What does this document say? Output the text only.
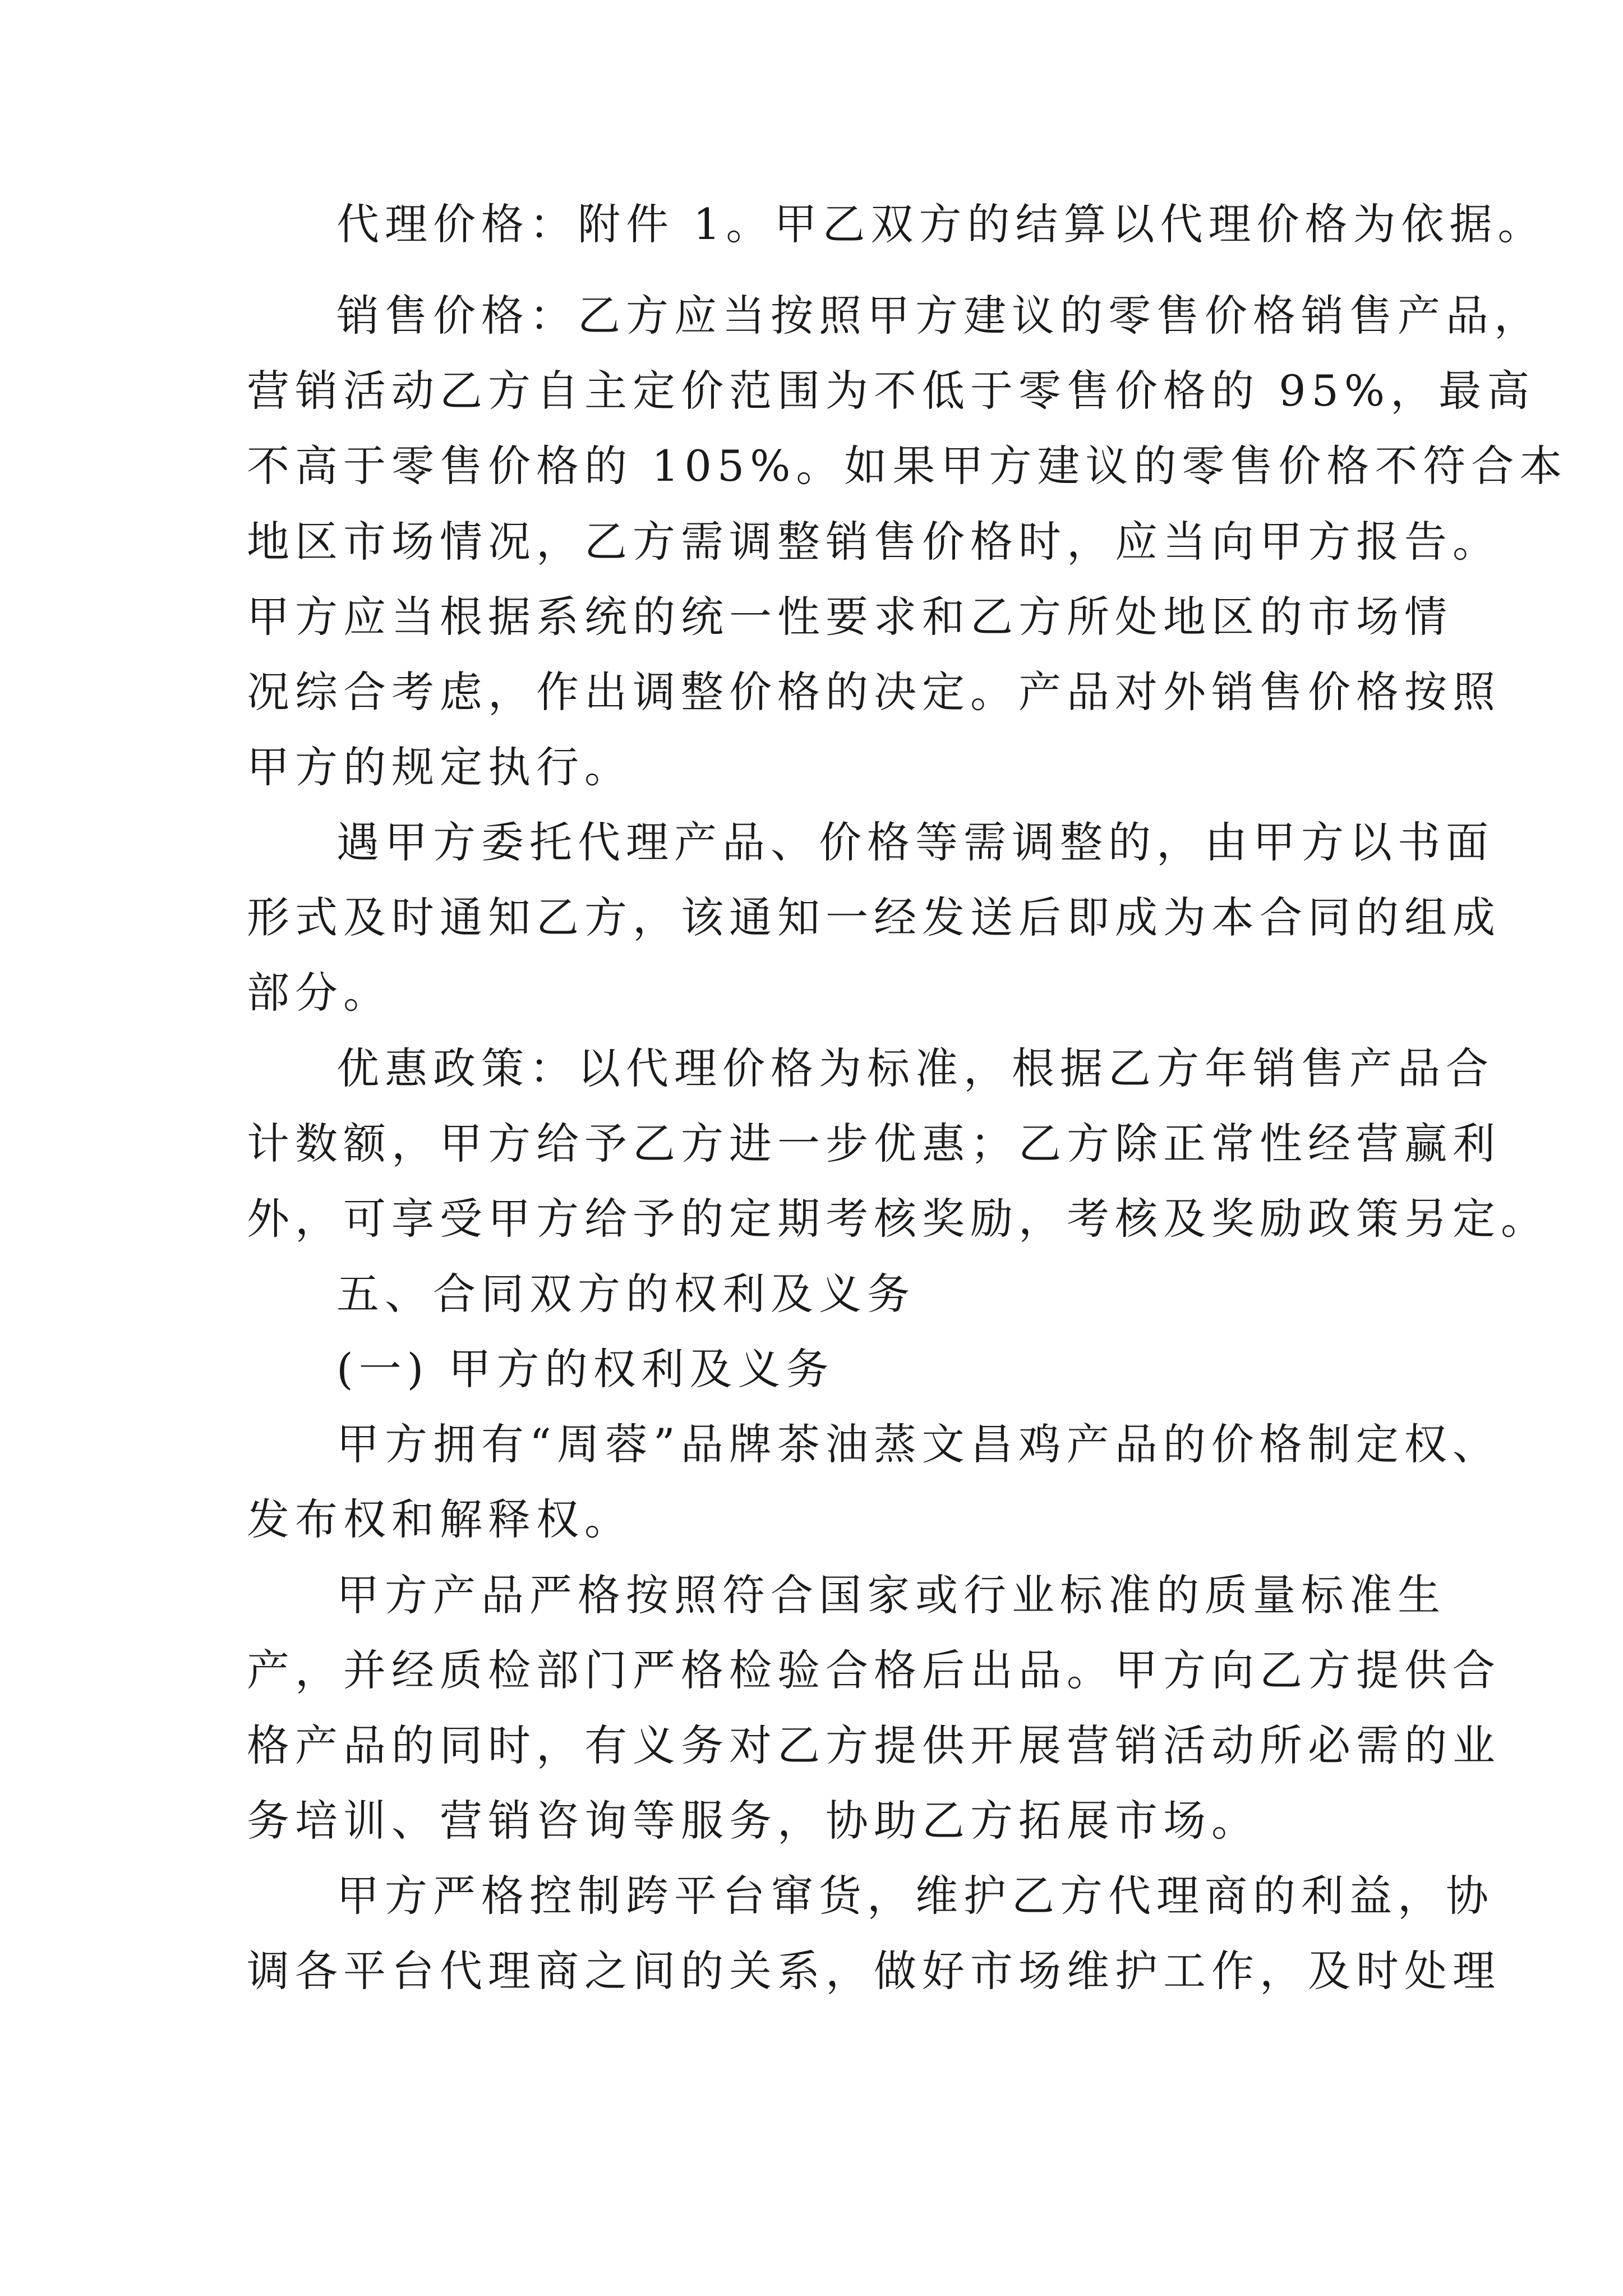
代理价格：附件 1。甲乙双方的结算以代理价格为依据。
销售价格：乙方应当按照甲方建议的零售价格销售产品，
营销活动乙方自主定价范围为不低于零售价格的 95%，最高
不高于零售价格的 105%。如果甲方建议的零售价格不符合本
地区市场情况，乙方需调整销售价格时，应当向甲方报告。
甲方应当根据系统的统一性要求和乙方所处地区的市场情
况综合考虑，作出调整价格的决定。产品对外销售价格按照
甲方的规定执行。
遇甲方委托代理产品、价格等需调整的，由甲方以书面
形式及时通知乙方，该通知一经发送后即成为本合同的组成
部分。
优惠政策：以代理价格为标准，根据乙方年销售产品合
计数额，甲方给予乙方进一步优惠；乙方除正常性经营赢利
外，可享受甲方给予的定期考核奖励，考核及奖励政策另定。
五、合同双方的权利及义务
(一) 甲方的权利及义务
甲方拥有“周蓉”品牌茶油蒸文昌鸡产品的价格制定权、
发布权和解释权。
甲方产品严格按照符合国家或行业标准的质量标准生
产，并经质检部门严格检验合格后出品。甲方向乙方提供合
格产品的同时，有义务对乙方提供开展营销活动所必需的业
务培训、营销咨询等服务，协助乙方拓展市场。
甲方严格控制跨平台窜货，维护乙方代理商的利益，协
调各平台代理商之间的关系，做好市场维护工作，及时处理
